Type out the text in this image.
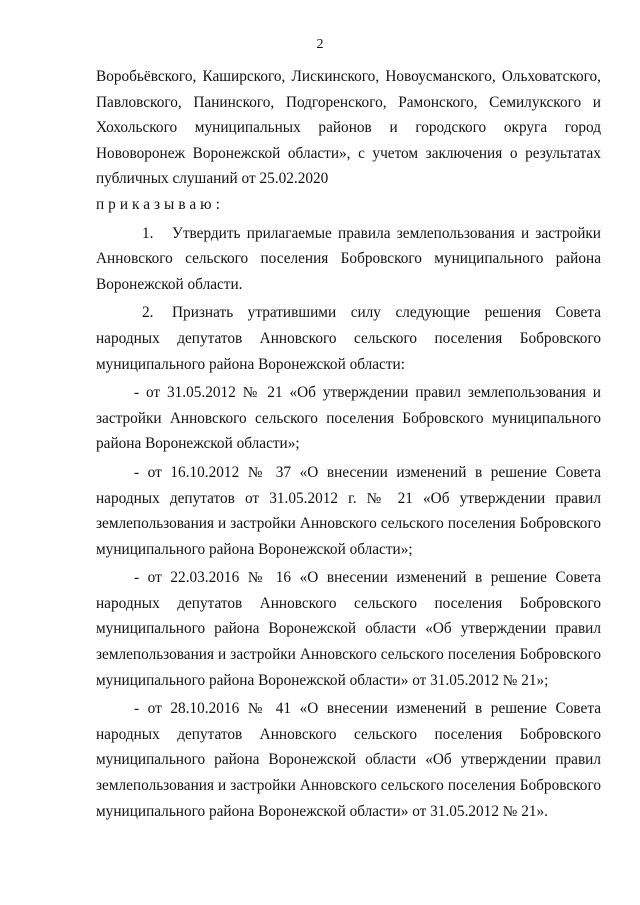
2

Воробьёвского, Каширского, Лискинского, Новоусманского, Ольховатского, Павловского, Панинского, Подгоренского, Рамонского, Семилукского и Хохольского муниципальных районов и городского округа город Нововоронеж Воронежской области», с учетом заключения о результатах публичных слушаний от 25.02.2020

приказываю:

1. Утвердить прилагаемые правила землепользования и застройки Анновского сельского поселения Бобровского муниципального района Воронежской области.

2. Признать утратившими силу следующие решения Совета народных депутатов Анновского сельского поселения Бобровского муниципального района Воронежской области:

- от 31.05.2012 № 21 «Об утверждении правил землепользования и застройки Анновского сельского поселения Бобровского муниципального района Воронежской области»;

- от 16.10.2012 № 37 «О внесении изменений в решение Совета народных депутатов от 31.05.2012 г. № 21 «Об утверждении правил землепользования и застройки Анновского сельского поселения Бобровского муниципального района Воронежской области»;

- от 22.03.2016 № 16 «О внесении изменений в решение Совета народных депутатов Анновского сельского поселения Бобровского муниципального района Воронежской области «Об утверждении правил землепользования и застройки Анновского сельского поселения Бобровского муниципального района Воронежской области» от 31.05.2012 № 21»;

- от 28.10.2016 № 41 «О внесении изменений в решение Совета народных депутатов Анновского сельского поселения Бобровского муниципального района Воронежской области «Об утверждении правил землепользования и застройки Анновского сельского поселения Бобровского муниципального района Воронежской области» от 31.05.2012 № 21».
